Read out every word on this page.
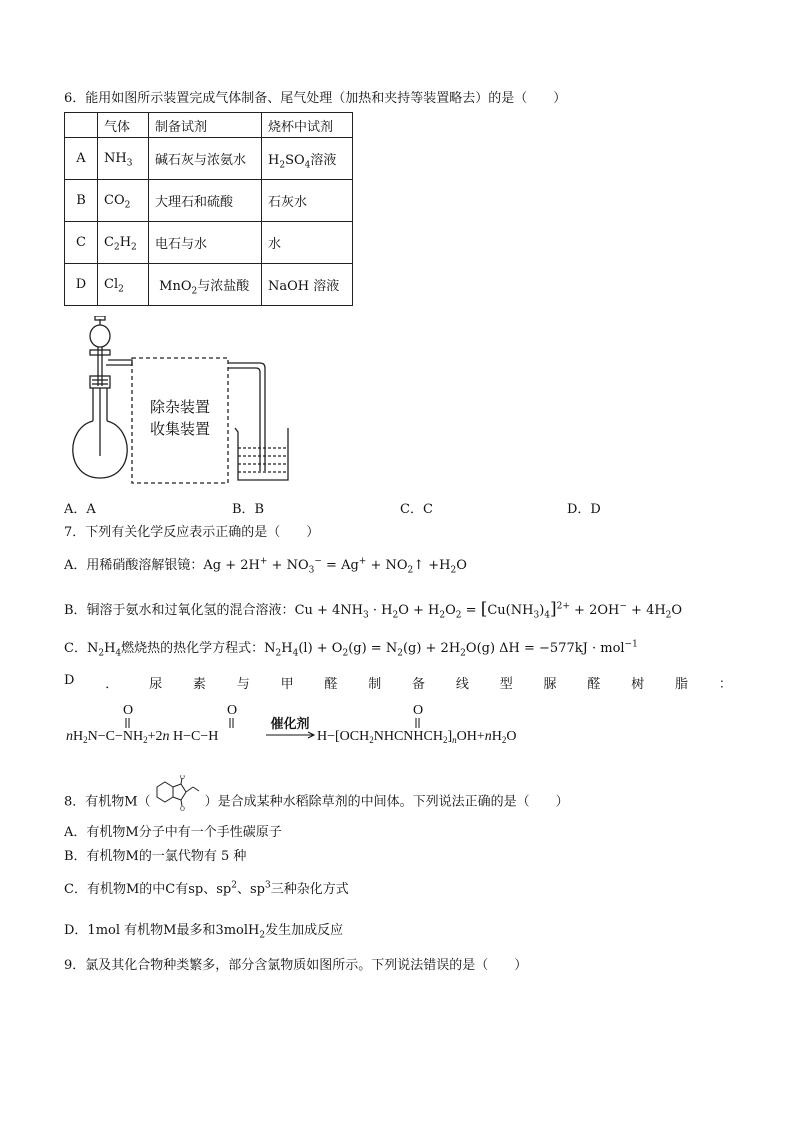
6．能用如图所示装置完成气体制备、尾气处理（加热和夹持等装置略去）的是（　　）
	气体	制备试剂	烧杯中试剂
A	$NH_3$	碱石灰与浓氨水	$H_2SO_4$溶液
B	$CO_2$	大理石和硫酸	石灰水
C	$C_2H_2$	电石与水	水
D	$Cl_2$	MnO$_2$与浓盐酸	NaOH 溶液
除杂装置
收集装置
A．A	B．B	C．C	D．D
7．下列有关化学反应表示正确的是（　　）
A．用稀硝酸溶解银镜：$Ag + 2H^+ + NO_3^- = Ag^+$ + $NO_2↑ +H_2O$
B．铜溶于氨水和过氧化氢的混合溶液：$Cu + 4NH_3 \cdot H_2O + H_2O_2 = [Cu(NH_3)_4]^{2+} + 2OH^- + 4H_2O$
C．$N_2H_4$燃烧热的热化学方程式：$N_2H_4(l) + O_2(g) = N_2(g) + 2H_2O(g) \Delta H = -577kJ \cdot mol^{-1}$
D ． 尿 素 与 甲 醛 制 备 线 型 脲 醛 树 脂 ：
$nH_2N-C-NH_2+2n$ H−C−H
O	O
$H-[OCH_2NHCNHCH_2]_nOH+nH_2O$
O
催化剂
8．有机物M（
O
O ）是合成某种水稻除草剂的中间体。下列说法正确的是（　　）
A．有机物M分子中有一个手性碳原子
B．有机物M的一氯代物有 5 种
C．有机物M的中C有sp、$sp^2$、$sp^3$三种杂化方式
D．1mol 有机物M最多和3molH$_2$发生加成反应
9．氯及其化合物种类繁多，部分含氯物质如图所示。下列说法错误的是（　　）
